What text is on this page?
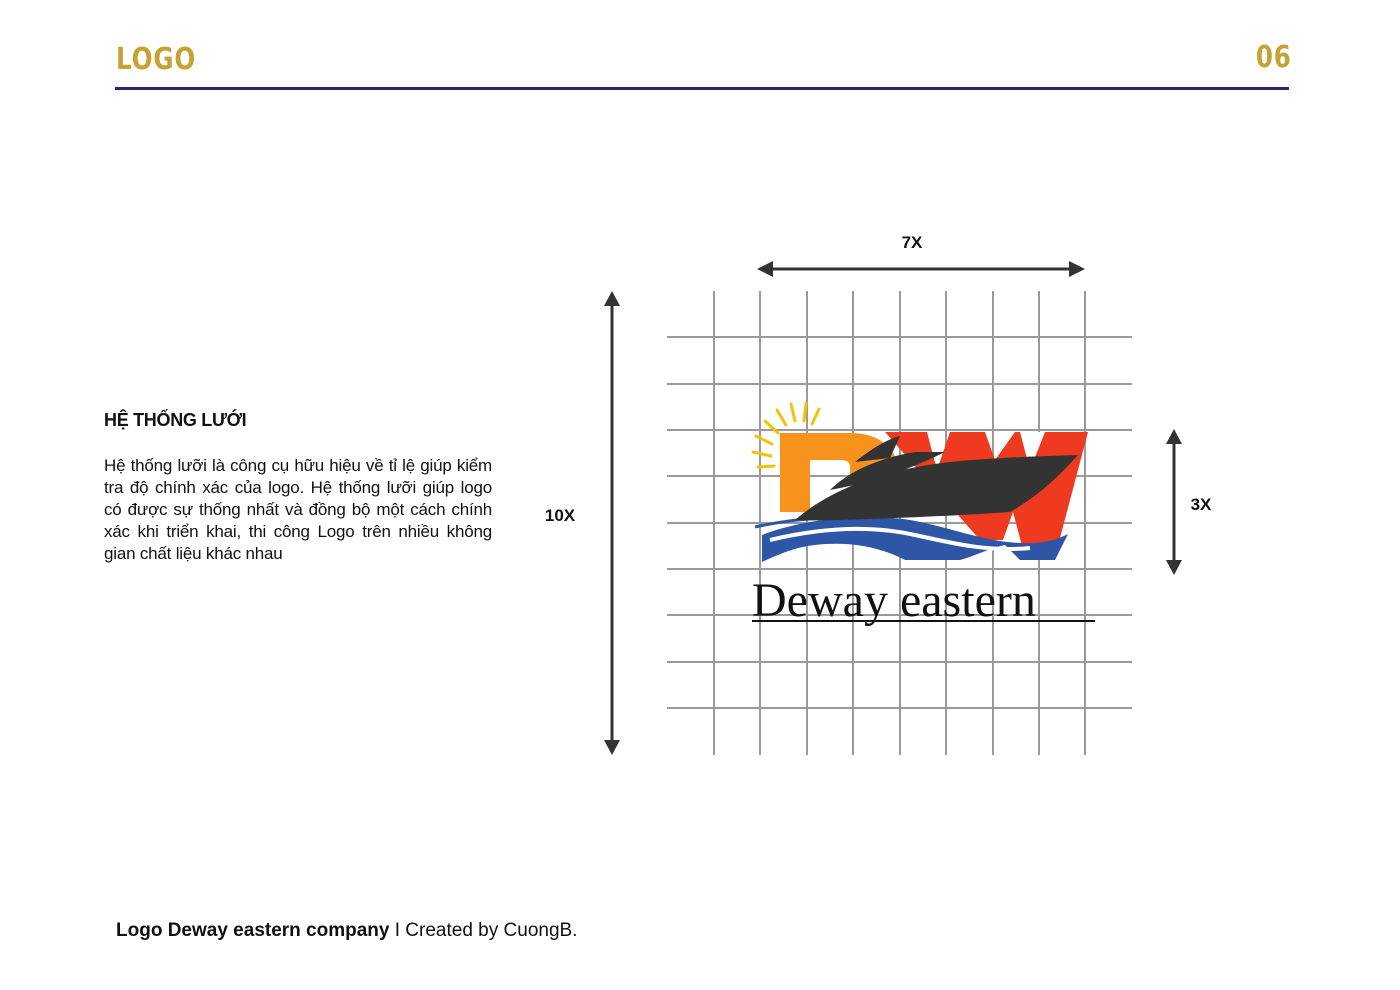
LOGO	06
HỆ THỐNG LƯỚI
Hệ thống lưỡi là công cụ hữu hiệu về tỉ lệ giúp kiểm tra độ chính xác của logo. Hệ thống lưỡi giúp logo có được sự thống nhất và đồng bộ một cách chính xác khi triển khai, thi công Logo trên nhiều không gian chất liệu khác nhau
7X
10X
3X
Deway eastern
Logo Deway eastern company I Created by CuongB.
